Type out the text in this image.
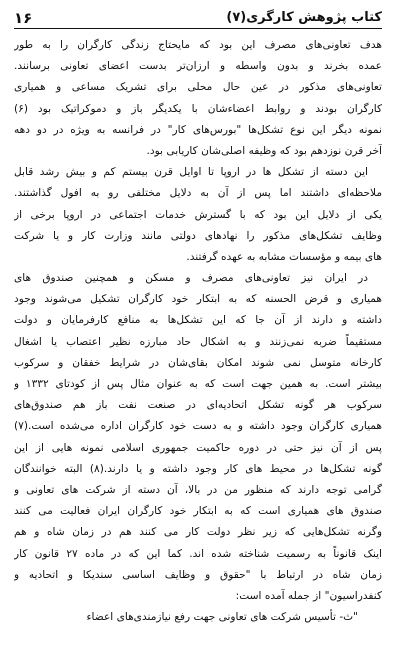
کتاب پژوهش کارگری(۷)
۱۶
هدف تعاونی‌های مصرف این بود که مایحتاج زندگی کارگران را به طور
عمده بخرند و بدون واسطه و ارزان‌تر بدست اعضای تعاونی برسانند.
تعاونی‌های مذکور در عین حال محلی برای تشریک مساعی و همیاری
کارگران بودند و روابط اعضاء‌شان با یکدیگر باز و دموکراتیک بود (۶)
نمونه دیگر این نوع تشکل‌ها "بورس‌های کار" در فرانسه به ویژه در دو دهه
آخر قرن نوزدهم بود که وظیفه اصلی‌شان کاریابی بود.
این دسته از تشکل ها در اروپا تا اوایل قرن بیستم کم و بیش رشد قابل
ملاحظه‌ای داشتند اما پس از آن به دلایل مختلفی رو به افول گذاشتند.
یکی از دلایل این بود که با گسترش خدمات اجتماعی در اروپا برخی از
وظایف تشکل‌های مذکور را نهادهای دولتی مانند وزارت کار و یا شرکت
های بیمه و مؤسسات مشابه به عهده گرفتند.
در ایران نیز تعاونی‌های مصرف و مسکن و همچنین صندوق های
همیاری و قرض الحسنه که به ابتکار خود کارگران تشکیل می‌شوند وجود
داشته و دارند از آن جا که این تشکل‌ها به منافع کارفرمایان و دولت
مستقیماً ضربه نمی‌زنند و به اشکال حاد مبارزه نظیر اعتصاب یا اشغال
کارخانه متوسل نمی شوند امکان بقای‌شان در شرایط خفقان و سرکوب
بیشتر است. به همین جهت است که به عنوان مثال پس از کودتای ۱۳۳۲ و
سرکوب هر گونه تشکل اتحادیه‌ای در صنعت نفت باز هم صندوق‌های
همیاری کارگران وجود داشته و به دست خود کارگران اداره می‌شده است.(۷)
پس از آن نیز حتی در دوره حاکمیت جمهوری اسلامی نمونه هایی از این
گونه تشکل‌ها در محیط های کار وجود داشته و یا دارند.(۸) البته خوانندگان
گرامی توجه دارند که منظور من در بالا، آن دسته از شرکت های تعاونی و
صندوق های همیاری است که به ابتکار خود کارگران ایران فعالیت می کنند
وگرنه تشکل‌هایی که زیر نظر دولت کار می کنند هم در زمان شاه و هم
اینک قانوناً به رسمیت شناخته شده اند. کما این که در ماده ۲۷ قانون کار
زمان شاه در ارتباط با "حقوق و وظایف اساسی سندیکا و اتحادیه و
کنفدراسیون" از جمله آمده است:
"ث- تأسیس شرکت های تعاونی جهت رفع نیازمندی‌های اعضاء
